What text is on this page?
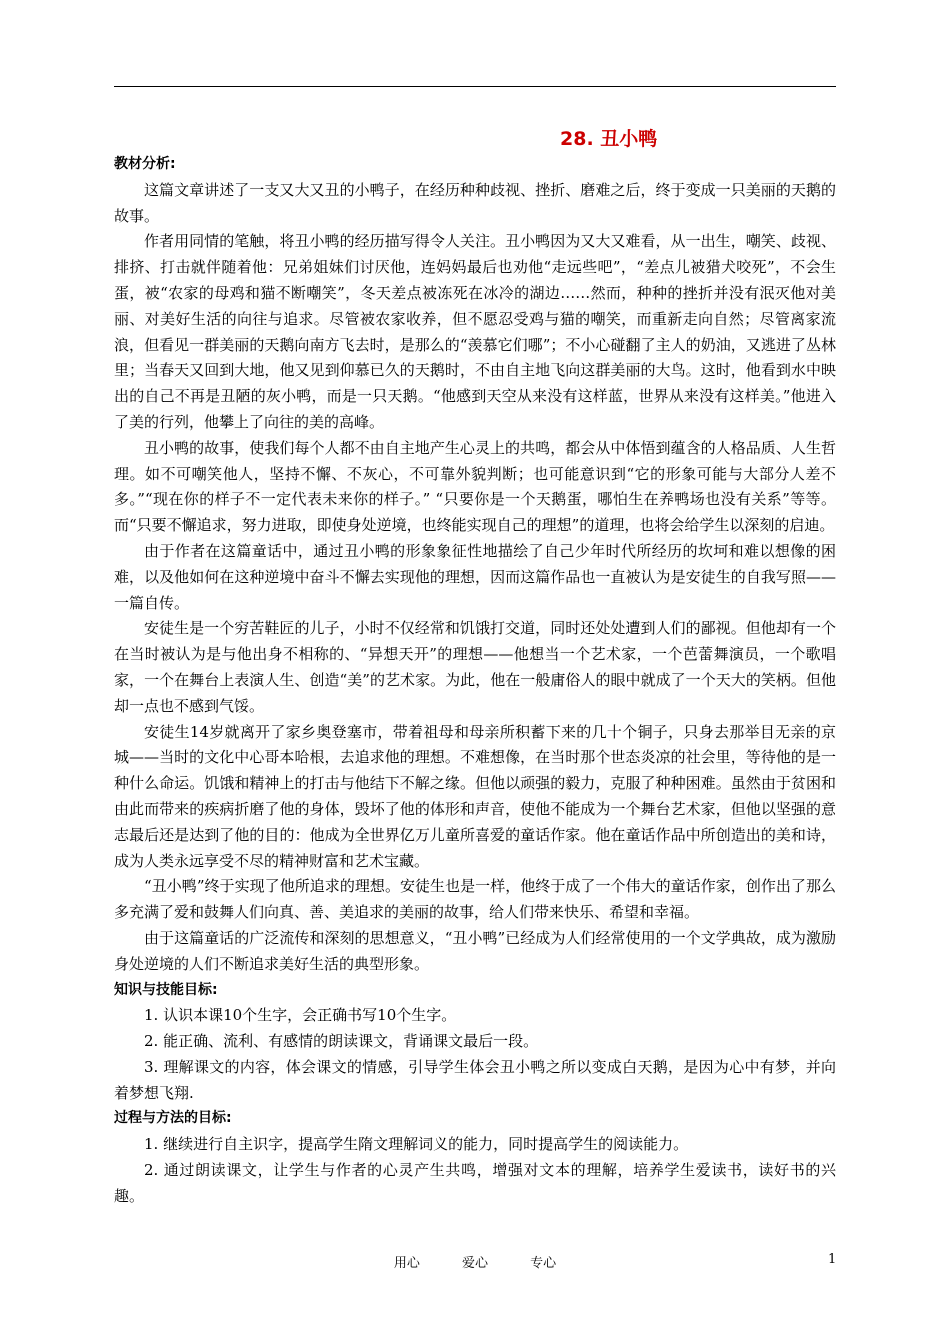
28. 丑小鸭

教材分析:

这篇文章讲述了一支又大又丑的小鸭子，在经历种种歧视、挫折、磨难之后，终于变成一只美丽的天鹅的故事。

作者用同情的笔触，将丑小鸭的经历描写得令人关注。丑小鸭因为又大又难看，从一出生，嘲笑、歧视、排挤、打击就伴随着他：兄弟姐妹们讨厌他，连妈妈最后也劝他“走远些吧”，“差点儿被猎犬咬死”，不会生蛋，被“农家的母鸡和猫不断嘲笑”，冬天差点被冻死在冰冷的湖边……然而，种种的挫折并没有泯灭他对美丽、对美好生活的向往与追求。尽管被农家收养，但不愿忍受鸡与猫的嘲笑，而重新走向自然；尽管离家流浪，但看见一群美丽的天鹅向南方飞去时，是那么的“羡慕它们哪”；不小心碰翻了主人的奶油，又逃进了丛林里；当春天又回到大地，他又见到仰慕已久的天鹅时，不由自主地飞向这群美丽的大鸟。这时，他看到水中映出的自己不再是丑陋的灰小鸭，而是一只天鹅。“他感到天空从来没有这样蓝，世界从来没有这样美。”他进入了美的行列，他攀上了向往的美的高峰。

丑小鸭的故事，使我们每个人都不由自主地产生心灵上的共鸣，都会从中体悟到蕴含的人格品质、人生哲理。如不可嘲笑他人，坚持不懈、不灰心，不可靠外貌判断；也可能意识到“它的形象可能与大部分人差不多。”“现在你的样子不一定代表未来你的样子。” “只要你是一个天鹅蛋，哪怕生在养鸭场也没有关系”等等。而“只要不懈追求，努力进取，即使身处逆境，也终能实现自己的理想”的道理，也将会给学生以深刻的启迪。

由于作者在这篇童话中，通过丑小鸭的形象象征性地描绘了自己少年时代所经历的坎坷和难以想像的困难，以及他如何在这种逆境中奋斗不懈去实现他的理想，因而这篇作品也一直被认为是安徒生的自我写照——一篇自传。

安徒生是一个穷苦鞋匠的儿子，小时不仅经常和饥饿打交道，同时还处处遭到人们的鄙视。但他却有一个在当时被认为是与他出身不相称的、“异想天开”的理想——他想当一个艺术家，一个芭蕾舞演员，一个歌唱家，一个在舞台上表演人生、创造“美”的艺术家。为此，他在一般庸俗人的眼中就成了一个天大的笑柄。但他却一点也不感到气馁。

安徒生14岁就离开了家乡奥登塞市，带着祖母和母亲所积蓄下来的几十个铜子，只身去那举目无亲的京城——当时的文化中心哥本哈根，去追求他的理想。不难想像，在当时那个世态炎凉的社会里，等待他的是一种什么命运。饥饿和精神上的打击与他结下不解之缘。但他以顽强的毅力，克服了种种困难。虽然由于贫困和由此而带来的疾病折磨了他的身体，毁坏了他的体形和声音，使他不能成为一个舞台艺术家，但他以坚强的意志最后还是达到了他的目的：他成为全世界亿万儿童所喜爱的童话作家。他在童话作品中所创造出的美和诗，成为人类永远享受不尽的精神财富和艺术宝藏。

“丑小鸭”终于实现了他所追求的理想。安徒生也是一样，他终于成了一个伟大的童话作家，创作出了那么多充满了爱和鼓舞人们向真、善、美追求的美丽的故事，给人们带来快乐、希望和幸福。

由于这篇童话的广泛流传和深刻的思想意义，“丑小鸭”已经成为人们经常使用的一个文学典故，成为激励身处逆境的人们不断追求美好生活的典型形象。

知识与技能目标:

1. 认识本课10个生字，会正确书写10个生字。

2. 能正确、流利、有感情的朗读课文，背诵课文最后一段。

3. 理解课文的内容，体会课文的情感，引导学生体会丑小鸭之所以变成白天鹅，是因为心中有梦，并向着梦想飞翔.

过程与方法的目标:

1. 继续进行自主识字，提高学生隋文理解词义的能力，同时提高学生的阅读能力。

2. 通过朗读课文，让学生与作者的心灵产生共鸣，增强对文本的理解，培养学生爱读书，读好书的兴趣。

用心	爱心	专心	1
